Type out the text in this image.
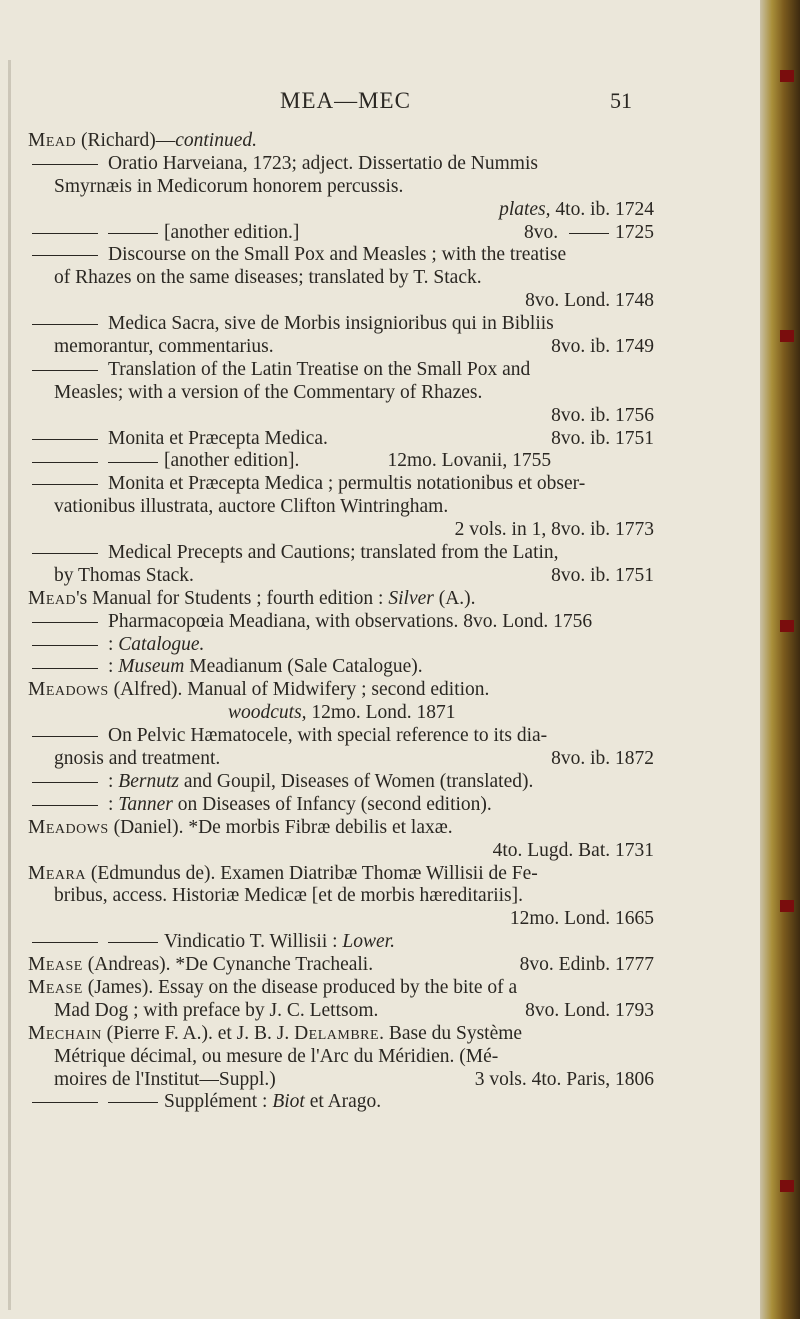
MEA—MEC	51
Mead (Richard)—continued.
Oratio Harveiana, 1723; adject. Dissertatio de Nummis
Smyrnæis in Medicorum honorem percussis.
plates, 4to. ib. 1724
[another edition.]	8vo.	1725
Discourse on the Small Pox and Measles ; with the treatise
of Rhazes on the same diseases; translated by T. Stack.
8vo. Lond. 1748
Medica Sacra, sive de Morbis insignioribus qui in Bibliis
memorantur, commentarius.	8vo. ib. 1749
Translation of the Latin Treatise on the Small Pox and
Measles; with a version of the Commentary of Rhazes.
8vo. ib. 1756
Monita et Præcepta Medica.	8vo. ib. 1751
[another edition].	12mo. Lovanii, 1755
Monita et Præcepta Medica ; permultis notationibus et obser-
vationibus illustrata, auctore Clifton Wintringham.
2 vols. in 1, 8vo. ib. 1773
Medical Precepts and Cautions; translated from the Latin,
by Thomas Stack.	8vo. ib. 1751
Mead's Manual for Students ; fourth edition : Silver (A.).
Pharmacopœia Meadiana, with observations. 8vo. Lond. 1756
: Catalogue.
: Museum Meadianum (Sale Catalogue).
Meadows (Alfred). Manual of Midwifery ; second edition.
woodcuts, 12mo. Lond. 1871
On Pelvic Hæmatocele, with special reference to its dia-
gnosis and treatment.	8vo. ib. 1872
: Bernutz and Goupil, Diseases of Women (translated).
: Tanner on Diseases of Infancy (second edition).
Meadows (Daniel). *De morbis Fibræ debilis et laxæ.
4to. Lugd. Bat. 1731
Meara (Edmundus de). Examen Diatribæ Thomæ Willisii de Fe-
bribus, access. Historiæ Medicæ [et de morbis hæreditariis].
12mo. Lond. 1665
Vindicatio T. Willisii : Lower.
Mease (Andreas). *De Cynanche Tracheali.	8vo. Edinb. 1777
Mease (James). Essay on the disease produced by the bite of a
Mad Dog ; with preface by J. C. Lettsom.	8vo. Lond. 1793
Mechain (Pierre F. A.). et J. B. J. Delambre. Base du Système
Métrique décimal, ou mesure de l'Arc du Méridien. (Mé-
moires de l'Institut—Suppl.)	3 vols. 4to. Paris, 1806
Supplément : Biot et Arago.
